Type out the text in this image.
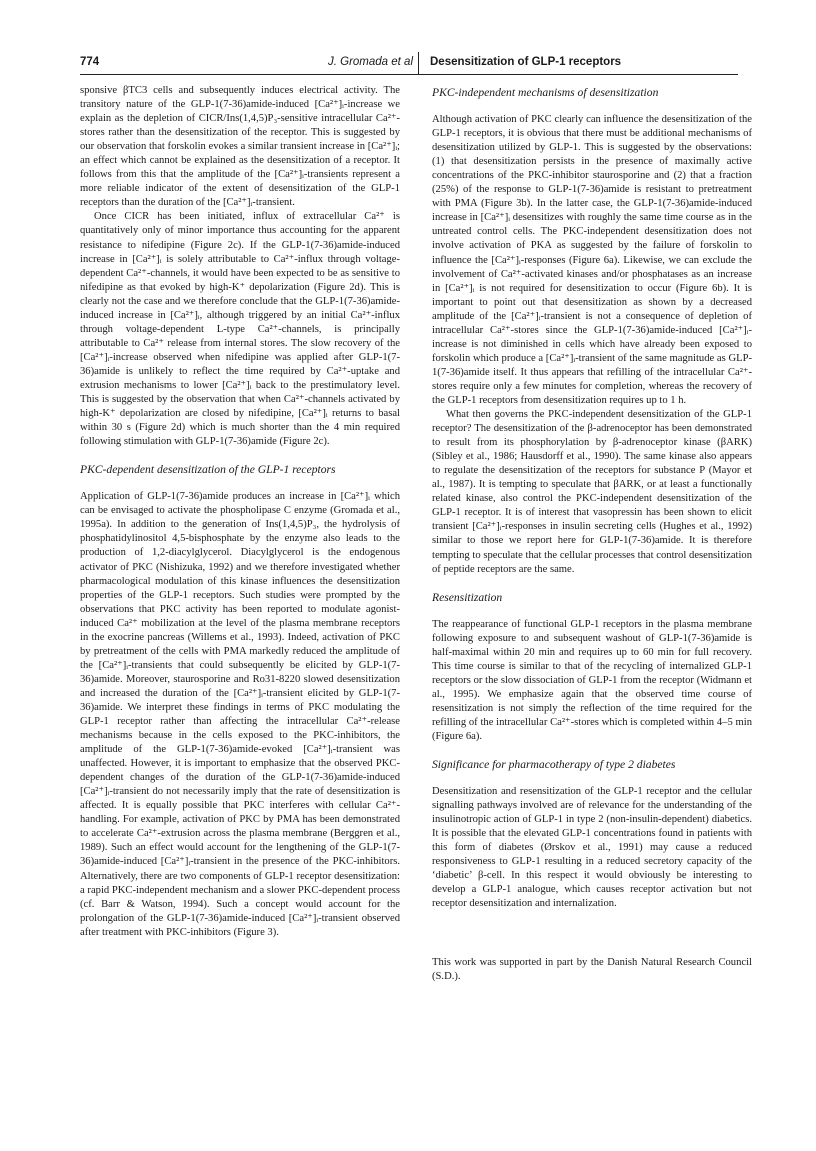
774	J. Gromada et al Desensitization of GLP-1 receptors

sponsive βTC3 cells and subsequently induces electrical activity. The transitory nature of the GLP-1(7-36)amide-induced [Ca²⁺]ᵢ-increase we explain as the depletion of CICR/Ins(1,4,5)P₃-sensitive intracellular Ca²⁺-stores rather than the desensitization of the receptor. This is suggested by our observation that forskolin evokes a similar transient increase in [Ca²⁺]ᵢ; an effect which cannot be explained as the desensitization of a receptor. It follows from this that the amplitude of the [Ca²⁺]ᵢ-transients represent a more reliable indicator of the extent of desensitization of the GLP-1 receptors than the duration of the [Ca²⁺]ᵢ-transient.

Once CICR has been initiated, influx of extracellular Ca²⁺ is quantitatively only of minor importance thus accounting for the apparent resistance to nifedipine (Figure 2c). If the GLP-1(7-36)amide-induced increase in [Ca²⁺]ᵢ is solely attributable to Ca²⁺-influx through voltage-dependent Ca²⁺-channels, it would have been expected to be as sensitive to nifedipine as that evoked by high-K⁺ depolarization (Figure 2d). This is clearly not the case and we therefore conclude that the GLP-1(7-36)amide-induced increase in [Ca²⁺]ᵢ, although triggered by an initial Ca²⁺-influx through voltage-dependent L-type Ca²⁺-channels, is principally attributable to Ca²⁺ release from internal stores. The slow recovery of the [Ca²⁺]ᵢ-increase observed when nifedipine was applied after GLP-1(7-36)amide is unlikely to reflect the time required by Ca²⁺-uptake and extrusion mechanisms to lower [Ca²⁺]ᵢ back to the prestimulatory level. This is suggested by the observation that when Ca²⁺-channels activated by high-K⁺ depolarization are closed by nifedipine, [Ca²⁺]ᵢ returns to basal within 30 s (Figure 2d) which is much shorter than the 4 min required following stimulation with GLP-1(7-36)amide (Figure 2c).

PKC-dependent desensitization of the GLP-1 receptors

Application of GLP-1(7-36)amide produces an increase in [Ca²⁺]ᵢ which can be envisaged to activate the phospholipase C enzyme (Gromada et al., 1995a). In addition to the generation of Ins(1,4,5)P₃, the hydrolysis of phosphatidylinositol 4,5-bisphosphate by the enzyme also leads to the production of 1,2-diacylglycerol. Diacylglycerol is the endogenous activator of PKC (Nishizuka, 1992) and we therefore investigated whether pharmacological modulation of this kinase influences the desensitization properties of the GLP-1 receptors. Such studies were prompted by the observations that PKC activity has been reported to modulate agonist-induced Ca²⁺ mobilization at the level of the plasma membrane receptors in the exocrine pancreas (Willems et al., 1993). Indeed, activation of PKC by pretreatment of the cells with PMA markedly reduced the amplitude of the [Ca²⁺]ᵢ-transients that could subsequently be elicited by GLP-1(7-36)amide. Moreover, staurosporine and Ro31-8220 slowed desensitization and increased the duration of the [Ca²⁺]ᵢ-transient elicited by GLP-1(7-36)amide. We interpret these findings in terms of PKC modulating the GLP-1 receptor rather than affecting the intracellular Ca²⁺-release mechanisms because in the cells exposed to the PKC-inhibitors, the amplitude of the GLP-1(7-36)amide-evoked [Ca²⁺]ᵢ-transient was unaffected. However, it is important to emphasize that the observed PKC-dependent changes of the duration of the GLP-1(7-36)amide-induced [Ca²⁺]ᵢ-transient do not necessarily imply that the rate of desensitization is affected. It is equally possible that PKC interferes with cellular Ca²⁺-handling. For example, activation of PKC by PMA has been demonstrated to accelerate Ca²⁺-extrusion across the plasma membrane (Berggren et al., 1989). Such an effect would account for the lengthening of the GLP-1(7-36)amide-induced [Ca²⁺]ᵢ-transient in the presence of the PKC-inhibitors. Alternatively, there are two components of GLP-1 receptor desensitization: a rapid PKC-independent mechanism and a slower PKC-dependent process (cf. Barr & Watson, 1994). Such a concept would account for the prolongation of the GLP-1(7-36)amide-induced [Ca²⁺]ᵢ-transient observed after treatment with PKC-inhibitors (Figure 3).

PKC-independent mechanisms of desensitization

Although activation of PKC clearly can influence the desensitization of the GLP-1 receptors, it is obvious that there must be additional mechanisms of desensitization utilized by GLP-1. This is suggested by the observations: (1) that desensitization persists in the presence of maximally active concentrations of the PKC-inhibitor staurosporine and (2) that a fraction (25%) of the response to GLP-1(7-36)amide is resistant to pretreatment with PMA (Figure 3b). In the latter case, the GLP-1(7-36)amide-induced increase in [Ca²⁺]ᵢ desensitizes with roughly the same time course as in the untreated control cells. The PKC-independent desensitization does not involve activation of PKA as suggested by the failure of forskolin to influence the [Ca²⁺]ᵢ-responses (Figure 6a). Likewise, we can exclude the involvement of Ca²⁺-activated kinases and/or phosphatases as an increase in [Ca²⁺]ᵢ is not required for desensitization to occur (Figure 6b). It is important to point out that desensitization as shown by a decreased amplitude of the [Ca²⁺]ᵢ-transient is not a consequence of depletion of intracellular Ca²⁺-stores since the GLP-1(7-36)amide-induced [Ca²⁺]ᵢ-increase is not diminished in cells which have already been exposed to forskolin which produce a [Ca²⁺]ᵢ-transient of the same magnitude as GLP-1(7-36)amide itself. It thus appears that refilling of the intracellular Ca²⁺-stores require only a few minutes for completion, whereas the recovery of the GLP-1 receptors from desensitization requires up to 1 h.

What then governs the PKC-independent desensitization of the GLP-1 receptor? The desensitization of the β-adrenoceptor has been demonstrated to result from its phosphorylation by β-adrenoceptor kinase (βARK) (Sibley et al., 1986; Hausdorff et al., 1990). The same kinase also appears to regulate the desensitization of the receptors for substance P (Mayor et al., 1987). It is tempting to speculate that βARK, or at least a functionally related kinase, also control the PKC-independent desensitization of the GLP-1 receptor. It is of interest that vasopressin has been shown to elicit transient [Ca²⁺]ᵢ-responses in insulin secreting cells (Hughes et al., 1992) similar to those we report here for GLP-1(7-36)amide. It is therefore tempting to speculate that the cellular processes that control desensitization of peptide receptors are the same.

Resensitization

The reappearance of functional GLP-1 receptors in the plasma membrane following exposure to and subsequent washout of GLP-1(7-36)amide is half-maximal within 20 min and requires up to 60 min for full recovery. This time course is similar to that of the recycling of internalized GLP-1 receptors or the slow dissociation of GLP-1 from the receptor (Widmann et al., 1995). We emphasize again that the observed time course of resensitization is not simply the reflection of the time required for the refilling of the intracellular Ca²⁺-stores which is completed within 4–5 min (Figure 6a).

Significance for pharmacotherapy of type 2 diabetes

Desensitization and resensitization of the GLP-1 receptor and the cellular signalling pathways involved are of relevance for the understanding of the insulinotropic action of GLP-1 in type 2 (non-insulin-dependent) diabetics. It is possible that the elevated GLP-1 concentrations found in patients with this form of diabetes (Ørskov et al., 1991) may cause a reduced responsiveness to GLP-1 resulting in a reduced secretory capacity of the ‘diabetic’ β-cell. In this respect it would obviously be interesting to develop a GLP-1 analogue, which causes receptor activation but not receptor desensitization and internalization.

This work was supported in part by the Danish Natural Research Council (S.D.).
